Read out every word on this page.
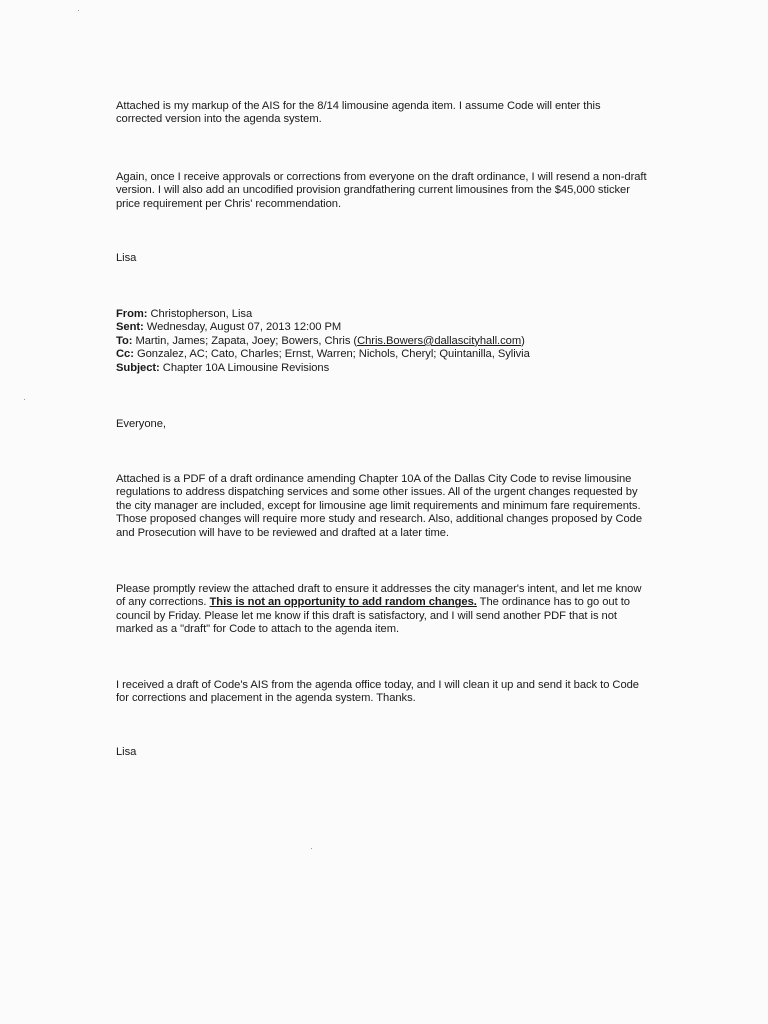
Attached is my markup of the AIS for the 8/14 limousine agenda item. I assume Code will enter this

corrected version into the agenda system.

Again, once I receive approvals or corrections from everyone on the draft ordinance, I will resend a non-draft

version. I will also add an uncodified provision grandfathering current limousines from the $45,000 sticker

price requirement per Chris' recommendation.

Lisa

From: Christopherson, Lisa

Sent: Wednesday, August 07, 2013 12:00 PM

To: Martin, James; Zapata, Joey; Bowers, Chris (Chris.Bowers@dallascityhall.com)

Cc: Gonzalez, AC; Cato, Charles; Ernst, Warren; Nichols, Cheryl; Quintanilla, Sylivia

Subject: Chapter 10A Limousine Revisions

Everyone,

Attached is a PDF of a draft ordinance amending Chapter 10A of the Dallas City Code to revise limousine

regulations to address dispatching services and some other issues. All of the urgent changes requested by

the city manager are included, except for limousine age limit requirements and minimum fare requirements.

Those proposed changes will require more study and research. Also, additional changes proposed by Code

and Prosecution will have to be reviewed and drafted at a later time.

Please promptly review the attached draft to ensure it addresses the city manager's intent, and let me know

of any corrections. This is not an opportunity to add random changes. The ordinance has to go out to

council by Friday. Please let me know if this draft is satisfactory, and I will send another PDF that is not

marked as a "draft" for Code to attach to the agenda item.

I received a draft of Code's AIS from the agenda office today, and I will clean it up and send it back to Code

for corrections and placement in the agenda system. Thanks.

Lisa
